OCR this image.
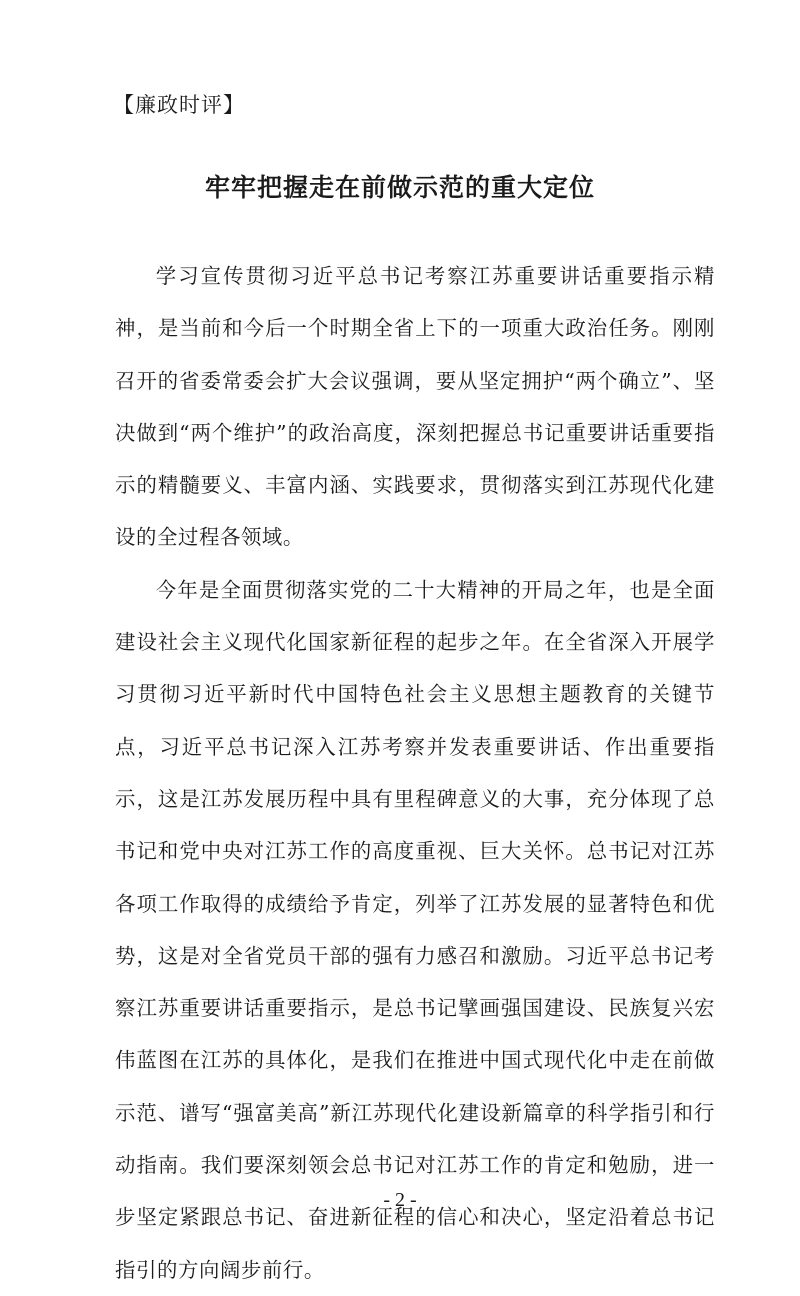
【廉政时评】
牢牢把握走在前做示范的重大定位

学习宣传贯彻习近平总书记考察江苏重要讲话重要指示精神，是当前和今后一个时期全省上下的一项重大政治任务。刚刚召开的省委常委会扩大会议强调，要从坚定拥护“两个确立”、坚决做到“两个维护”的政治高度，深刻把握总书记重要讲话重要指示的精髓要义、丰富内涵、实践要求，贯彻落实到江苏现代化建设的全过程各领域。

今年是全面贯彻落实党的二十大精神的开局之年，也是全面建设社会主义现代化国家新征程的起步之年。在全省深入开展学习贯彻习近平新时代中国特色社会主义思想主题教育的关键节点，习近平总书记深入江苏考察并发表重要讲话、作出重要指示，这是江苏发展历程中具有里程碑意义的大事，充分体现了总书记和党中央对江苏工作的高度重视、巨大关怀。总书记对江苏各项工作取得的成绩给予肯定，列举了江苏发展的显著特色和优势，这是对全省党员干部的强有力感召和激励。习近平总书记考察江苏重要讲话重要指示，是总书记擘画强国建设、民族复兴宏伟蓝图在江苏的具体化，是我们在推进中国式现代化中走在前做示范、谱写“强富美高”新江苏现代化建设新篇章的科学指引和行动指南。我们要深刻领会总书记对江苏工作的肯定和勉励，进一步坚定紧跟总书记、奋进新征程的信心和决心，坚定沿着总书记指引的方向阔步前行。

- 2 -
